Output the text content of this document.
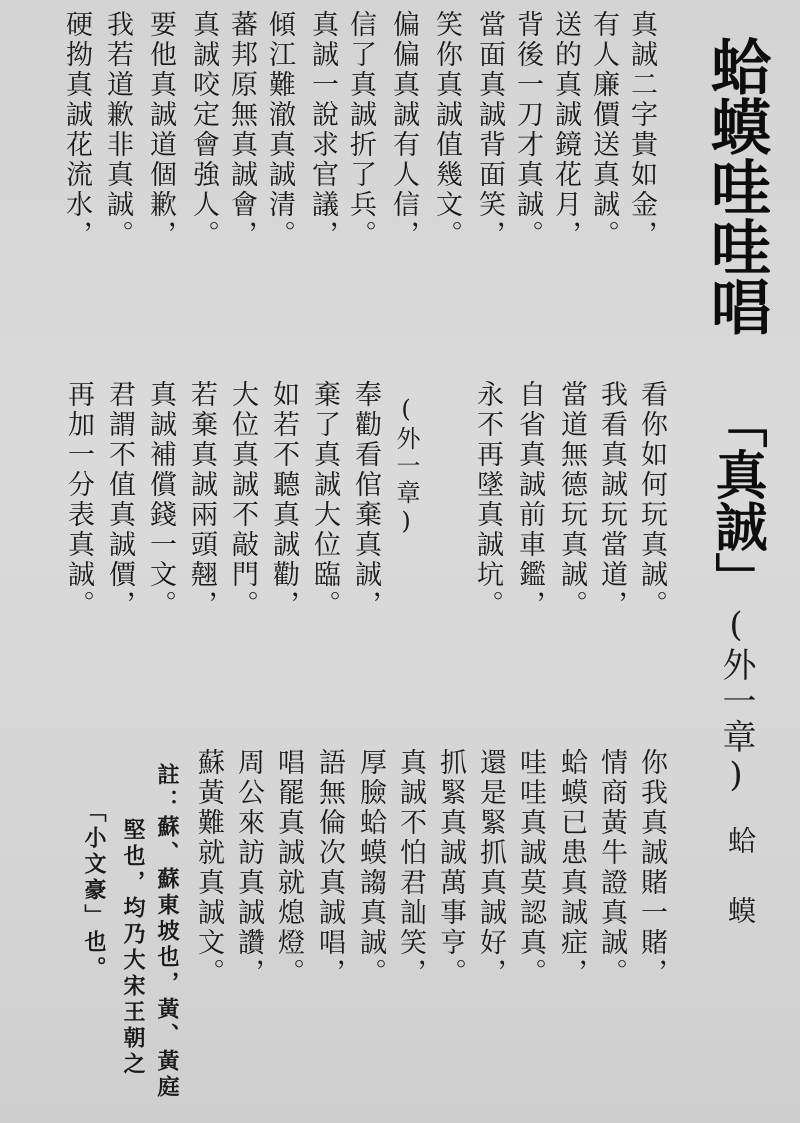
蛤蟆哇哇唱
「真誠」
(外一章)
蛤蟆
真誠二字貴如金，
有人廉價送真誠。
送的真誠鏡花月，
背後一刀才真誠。
當面真誠背面笑，
笑你真誠值幾文。
偏偏真誠有人信，
信了真誠折了兵。
真誠一說求官議，
傾江難澈真誠清。
蕃邦原無真誠會，
真誠咬定會強人。
要他真誠道個歉，
我若道歉非真誠。
硬拗真誠花流水，
看你如何玩真誠。
我看真誠玩當道，
當道無德玩真誠。
自省真誠前車鑑，
永不再墜真誠坑。
(外一章)
奉勸看倌棄真誠，
棄了真誠大位臨。
如若不聽真誠勸，
大位真誠不敲門。
若棄真誠兩頭翹，
真誠補償錢一文。
君謂不值真誠價，
再加一分表真誠。
你我真誠賭一賭，
情商黃牛證真誠。
蛤蟆已患真誠症，
哇哇真誠莫認真。
還是緊抓真誠好，
抓緊真誠萬事亨。
真誠不怕君訕笑，
厚臉蛤蟆謅真誠。
語無倫次真誠唱，
唱罷真誠就熄燈。
周公來訪真誠讚，
蘇黃難就真誠文。
註：蘇、蘇東坡也，黃、黃庭
堅也，均乃大宋王朝之
「小文豪」也。
